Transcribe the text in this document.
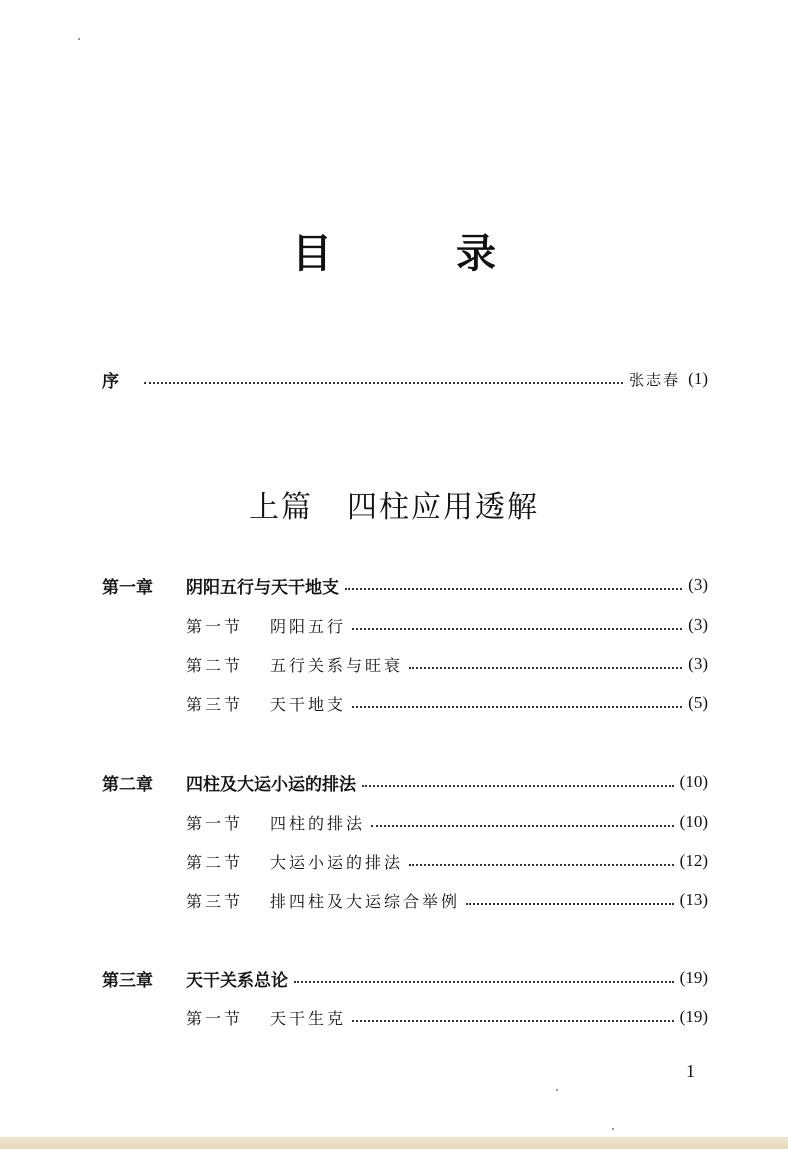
目　录
序	张志春 (1)
上篇 四柱应用透解
第一章	阴阳五行与天干地支	(3)
第一节	阴阳五行	(3)
第二节	五行关系与旺衰	(3)
第三节	天干地支	(5)
第二章	四柱及大运小运的排法	(10)
第一节	四柱的排法	(10)
第二节	大运小运的排法	(12)
第三节	排四柱及大运综合举例	(13)
第三章	天干关系总论	(19)
第一节	天干生克	(19)
1
